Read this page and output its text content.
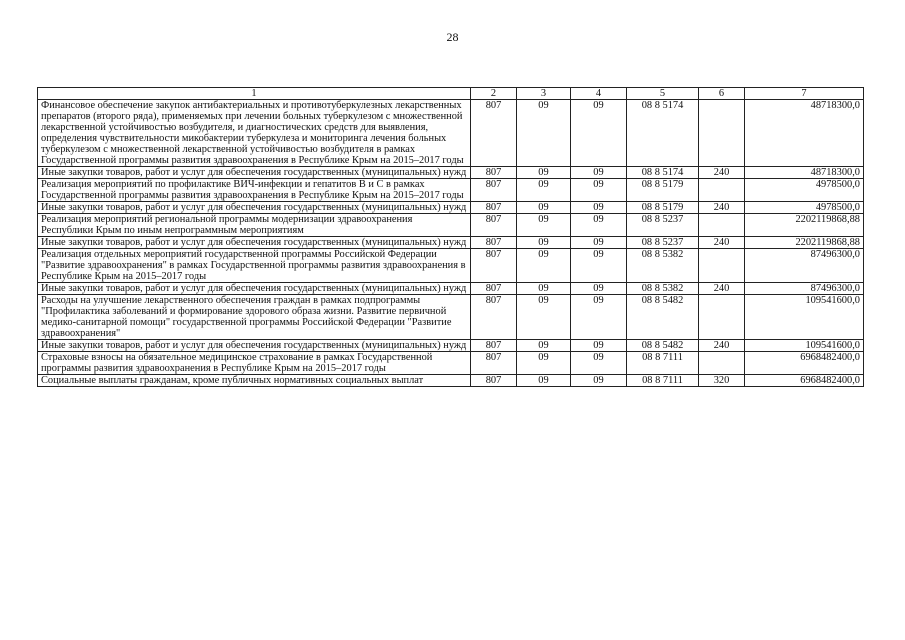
28
1	2	3	4	5	6	7
Финансовое обеспечение закупок антибактериальных и противотуберкулезных лекарственных препаратов (второго ряда), применяемых при лечении больных туберкулезом с множественной лекарственной устойчивостью возбудителя, и диагностических средств для выявления, определения чувствительности микобактерии туберкулеза и мониторинга лечения больных туберкулезом с множественной лекарственной устойчивостью возбудителя в рамках Государственной программы развития здравоохранения в Республике Крым на 2015–2017 годы	807	09	09	08 8 5174		48718300,0
Иные закупки товаров, работ и услуг для обеспечения государственных (муниципальных) нужд	807	09	09	08 8 5174	240	48718300,0
Реализация мероприятий по профилактике ВИЧ-инфекции и гепатитов В и С в рамках Государственной программы развития здравоохранения в Республике Крым на 2015–2017 годы	807	09	09	08 8 5179		4978500,0
Иные закупки товаров, работ и услуг для обеспечения государственных (муниципальных) нужд	807	09	09	08 8 5179	240	4978500,0
Реализация мероприятий региональной программы модернизации здравоохранения Республики Крым по иным непрограммным мероприятиям	807	09	09	08 8 5237		2202119868,88
Иные закупки товаров, работ и услуг для обеспечения государственных (муниципальных) нужд	807	09	09	08 8 5237	240	2202119868,88
Реализация отдельных мероприятий государственной программы Российской Федерации "Развитие здравоохранения" в рамках Государственной программы развития здравоохранения в Республике Крым на 2015–2017 годы	807	09	09	08 8 5382		87496300,0
Иные закупки товаров, работ и услуг для обеспечения государственных (муниципальных) нужд	807	09	09	08 8 5382	240	87496300,0
Расходы на улучшение лекарственного обеспечения граждан в рамках подпрограммы "Профилактика заболеваний и формирование здорового образа жизни. Развитие первичной медико-санитарной помощи" государственной программы Российской Федерации "Развитие здравоохранения"	807	09	09	08 8 5482		109541600,0
Иные закупки товаров, работ и услуг для обеспечения государственных (муниципальных) нужд	807	09	09	08 8 5482	240	109541600,0
Страховые взносы на обязательное медицинское страхование в рамках Государственной программы развития здравоохранения в Республике Крым на 2015–2017 годы	807	09	09	08 8 7111		6968482400,0
Социальные выплаты гражданам, кроме публичных нормативных социальных выплат	807	09	09	08 8 7111	320	6968482400,0
